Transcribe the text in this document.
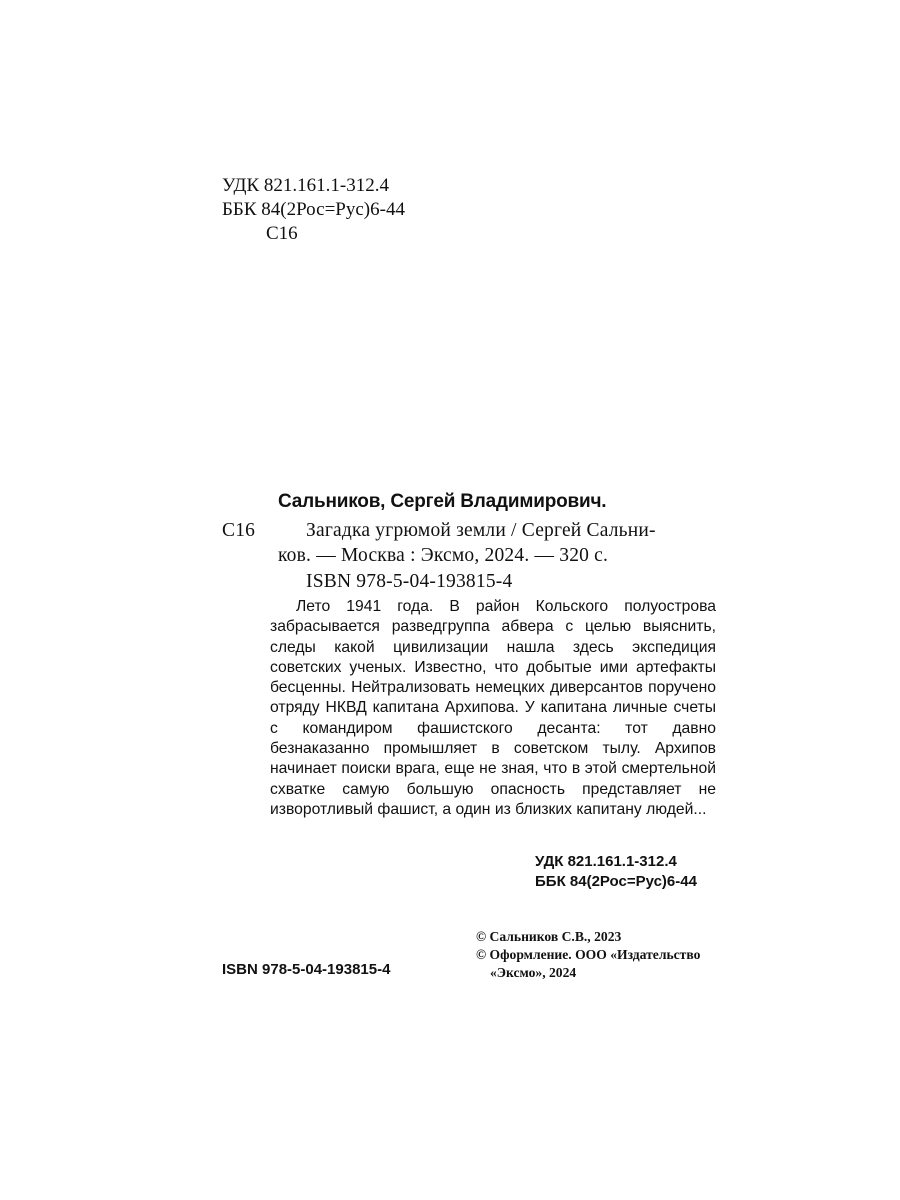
УДК 821.161.1-312.4
ББК 84(2Рос=Рус)6-44
С16
Сальников, Сергей Владимирович.
С16	Загадка угрюмой земли / Сергей Сальни-
ков. — Москва : Эксмо, 2024. — 320 с.
ISBN 978-5-04-193815-4

Лето 1941 года. В район Кольского полуострова забрасывается разведгруппа абвера с целью выяснить, следы какой цивилизации нашла здесь экспедиция советских ученых. Известно, что добытые ими артефакты бесценны. Нейтрализовать немецких диверсантов поручено отряду НКВД капитана Архипова. У капитана личные счеты с командиром фашистского десанта: тот давно безнаказанно промышляет в советском тылу. Архипов начинает поиски врага, еще не зная, что в этой смертельной схватке самую большую опасность представляет не изворотливый фашист, а один из близких капитану людей...

УДК 821.161.1-312.4
ББК 84(2Рос=Рус)6-44
ISBN 978-5-04-193815-4
© Сальников С.В., 2023
© Оформление. ООО «Издательство
«Эксмо», 2024
